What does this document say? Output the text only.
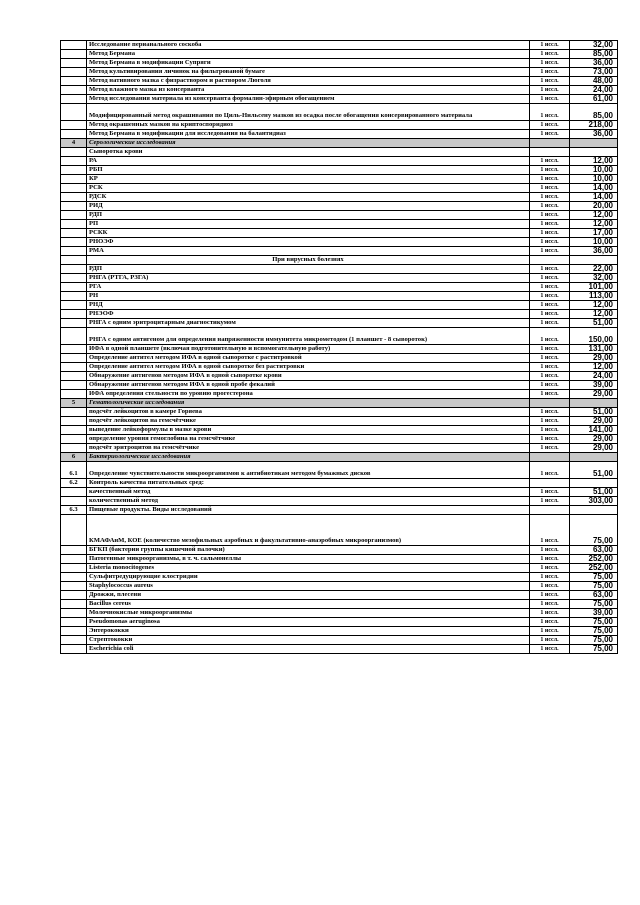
	Исследование перианального соскоба	1 иссл.	32,00
	Метод Бермана	1 иссл.	85,00
	Метод Бермана в модификации Супряги	1 иссл.	36,00
	Метод культивирования личинок на фильтрованой бумаге	1 иссл.	73,00
	Метод нативного мазка с физраствором и раствором Люголя	1 иссл.	48,00
	Метод влажного мазка из консерванта	1 иссл.	24,00
	Метод исследования материала из консерванта формалин-эфирным обогащением	1 иссл.	61,00
	Модифицированный метод окрашивания по Циль-Нильсену мазков из осадка после обогащения консервированного материала	1 иссл.	85,00
	Метод окрашенных мазков на криптоспоридиоз	1 иссл.	218,00
	Метод Бермана в модификации для исследования на балантидиаз	1 иссл.	36,00
4	Серологические исследования		
	Сыворотка крови		
	РА	1 иссл.	12,00
	РБП	1 иссл.	10,00
	КР	1 иссл.	10,00
	РСК	1 иссл.	14,00
	РДСК	1 иссл.	14,00
	РИД	1 иссл.	20,00
	РДП	1 иссл.	12,00
	РП	1 иссл.	12,00
	РСКК	1 иссл.	17,00
	РНОЭФ	1 иссл.	10,00
	РМА	1 иссл.	36,00
	При вирусных болезнях		
	РДП	1 иссл.	22,00
	РНГА (РТГА, РЗГА)	1 иссл.	32,00
	РГА	1 иссл.	101,00
	РН	1 иссл.	113,00
	РНД	1 иссл.	12,00
	РНЭОФ	1 иссл.	12,00
	РНГА с одним эритроцитарным диагностикумом	1 иссл.	51,00
	РНГА с одним антигеном для определения напряженности иммунитета микрометодом (1 планшет - 8 сывороток)	1 иссл.	150,00
	ИФА в одной планшете (включая подготовительную и вспомогательную работу)	1 иссл.	131,00
	Определение антител методом ИФА в одной сыворотке с раститровкой	1 иссл.	29,00
	Определение антител методом ИФА в одной сыворотке без раститровки	1 иссл.	12,00
	Обнаружение антигенов методом ИФА в одной сыворотке крови	1 иссл.	24,00
	Обнаружение антигенов методом ИФА в одной пробе фекалий	1 иссл.	39,00
	ИФА определения стельности по уровню прогестерона	1 иссл.	29,00
5	Гематологические исследования		
	подсчёт лейкоцитов в камере Горяева	1 иссл.	51,00
	подсчёт лейкоцитов на гемсчётчике	1 иссл.	29,00
	выведение лейкоформулы в мазке крови	1 иссл.	141,00
	определение уровня гемоглобина на гемсчётчике	1 иссл.	29,00
	подсчёт эритроцитов на гемсчётчике	1 иссл.	29,00
6	Бактериологические исследования		
6.1	Определение чувствительности микроорганизмов к антибиотикам методом бумажных дисков	1 иссл.	51,00
6.2	Контроль качества питательных сред:		
	качественный метод	1 иссл.	51,00
	количественный метод	1 иссл.	303,00
6.3	Пищевые продукты. Виды исследований		
	КМАФАнМ, КОЕ (количество мезофильных аэробных и факультативно-анаэробных микроорганизмов)	1 иссл.	75,00
	БГКП (бактерии группы кишечной палочки)	1 иссл.	63,00
	Патогенные микроорганизмы, в т. ч. сальмонеллы	1 иссл.	252,00
	Listeria monocitogenes	1 иссл.	252,00
	Сульфитредуцирующие клостридии	1 иссл.	75,00
	Staphylococcus aureus	1 иссл.	75,00
	Дрожжи, плесени	1 иссл.	63,00
	Bacillus cereus	1 иссл.	75,00
	Молочнокислые микроорганизмы	1 иссл.	39,00
	Pseudomonas aeruginosa	1 иссл.	75,00
	Энтерококки	1 иссл.	75,00
	Стрептококки	1 иссл.	75,00
	Escherichia coli	1 иссл.	75,00
